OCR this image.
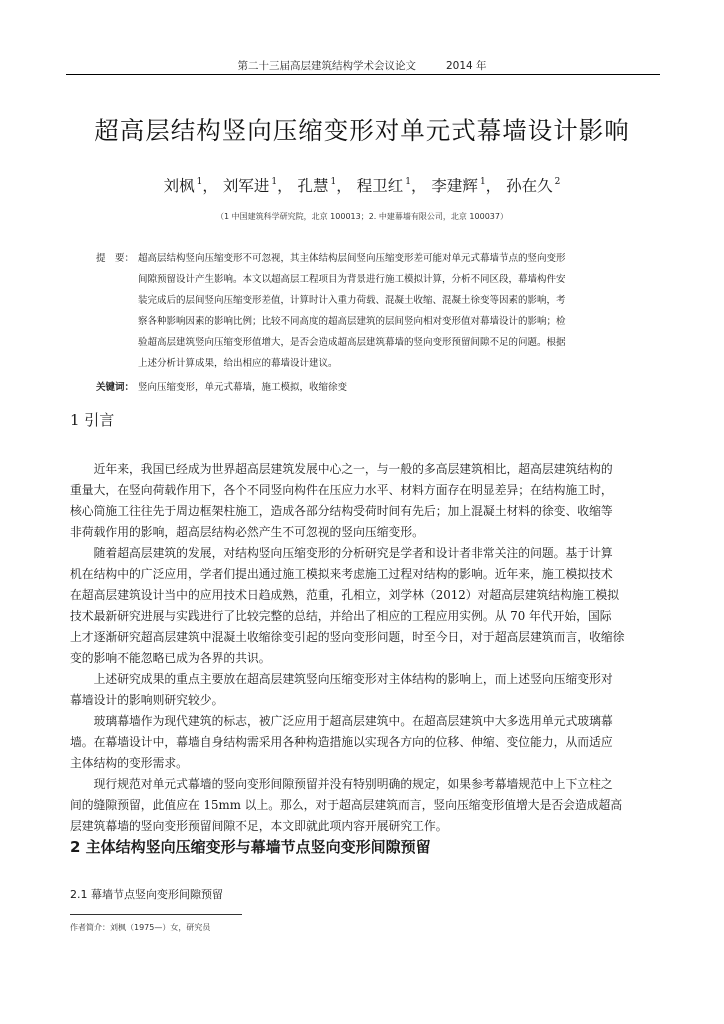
第二十三届高层建筑结构学术会议论文	2014 年
超高层结构竖向压缩变形对单元式幕墙设计影响
刘枫 $^1$， 刘军进 $^1$， 孔慧 $^1$， 程卫红 $^1$， 李建辉 $^1$， 孙在久 $^2$
（1 中国建筑科学研究院，北京 100013；2. 中建幕墙有限公司，北京 100037）
提　要： 超高层结构竖向压缩变形不可忽视，其主体结构层间竖向压缩变形差可能对单元式幕墙节点的竖向变形
间隙预留设计产生影响。本文以超高层工程项目为背景进行施工模拟计算，分析不同区段，幕墙构件安
装完成后的层间竖向压缩变形差值，计算时计入重力荷载、混凝土收缩、混凝土徐变等因素的影响，考
察各种影响因素的影响比例；比较不同高度的超高层建筑的层间竖向相对变形值对幕墙设计的影响；检
验超高层建筑竖向压缩变形值增大，是否会造成超高层建筑幕墙的竖向变形预留间隙不足的问题。根据
上述分析计算成果，给出相应的幕墙设计建议。
关键词： 竖向压缩变形，单元式幕墙，施工模拟，收缩徐变
1 引言
　　近年来，我国已经成为世界超高层建筑发展中心之一，与一般的多高层建筑相比，超高层建筑结构的
重量大，在竖向荷载作用下，各个不同竖向构件在压应力水平、材料方面存在明显差异；在结构施工时，
核心筒施工往往先于周边框架柱施工，造成各部分结构受荷时间有先后；加上混凝土材料的徐变、收缩等
非荷载作用的影响，超高层结构必然产生不可忽视的竖向压缩变形。
　　随着超高层建筑的发展，对结构竖向压缩变形的分析研究是学者和设计者非常关注的问题。基于计算
机在结构中的广泛应用，学者们提出通过施工模拟来考虑施工过程对结构的影响。近年来，施工模拟技术
在超高层建筑设计当中的应用技术日趋成熟，范重，孔相立，刘学林（2012）对超高层建筑结构施工模拟
技术最新研究进展与实践进行了比较完整的总结，并给出了相应的工程应用实例。从 70 年代开始，国际
上才逐渐研究超高层建筑中混凝土收缩徐变引起的竖向变形问题，时至今日，对于超高层建筑而言，收缩徐
变的影响不能忽略已成为各界的共识。
　　上述研究成果的重点主要放在超高层建筑竖向压缩变形对主体结构的影响上，而上述竖向压缩变形对
幕墙设计的影响则研究较少。
　　玻璃幕墙作为现代建筑的标志，被广泛应用于超高层建筑中。在超高层建筑中大多选用单元式玻璃幕
墙。在幕墙设计中，幕墙自身结构需采用各种构造措施以实现各方向的位移、伸缩、变位能力，从而适应
主体结构的变形需求。
　　现行规范对单元式幕墙的竖向变形间隙预留并没有特别明确的规定，如果参考幕墙规范中上下立柱之
间的缝隙预留，此值应在 15mm 以上。那么，对于超高层建筑而言，竖向压缩变形值增大是否会造成超高
层建筑幕墙的竖向变形预留间隙不足，本文即就此项内容开展研究工作。
2 主体结构竖向压缩变形与幕墙节点竖向变形间隙预留
2.1 幕墙节点竖向变形间隙预留
作者简介：刘枫（1975—）女，研究员
